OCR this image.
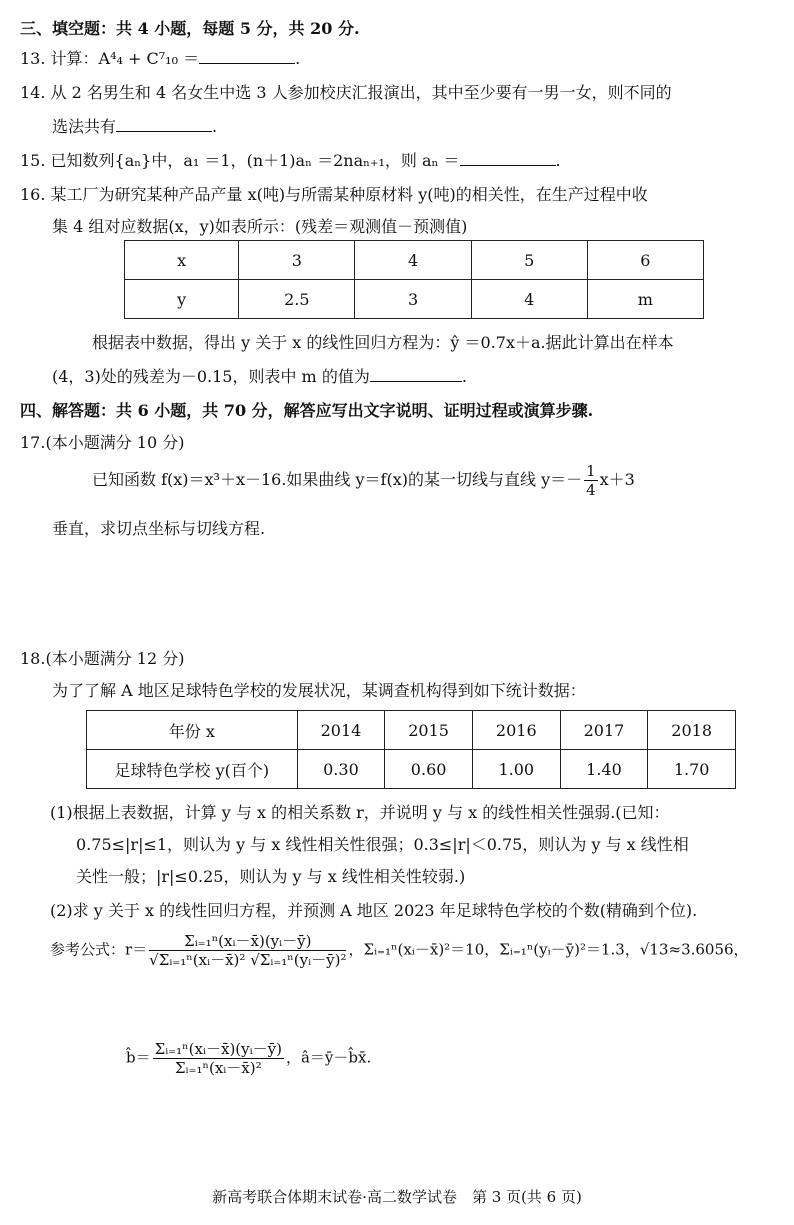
三、填空题：共 4 小题，每题 5 分，共 20 分.
13. 计算：A⁴₄ + C⁷₁₀ ＝	.
14. 从 2 名男生和 4 名女生中选 3 人参加校庆汇报演出，其中至少要有一男一女，则不同的
选法共有	.
15. 已知数列{aₙ}中，a₁ ＝1，(n＋1)aₙ ＝2naₙ₊₁，则 aₙ ＝	.
16. 某工厂为研究某种产品产量 x(吨)与所需某种原材料 y(吨)的相关性，在生产过程中收
集 4 组对应数据(x，y)如表所示：(残差＝观测值－预测值)
x	3	4	5	6
y	2.5	3	4	m
根据表中数据，得出 y 关于 x 的线性回归方程为：ŷ ＝0.7x＋a.据此计算出在样本
(4，3)处的残差为－0.15，则表中 m 的值为	.
四、解答题：共 6 小题，共 70 分，解答应写出文字说明、证明过程或演算步骤.
17.(本小题满分 10 分)
已知函数 f(x)＝x³＋x－16.如果曲线 y＝f(x)的某一切线与直线 $y=- \frac{1}{4} x+3$
垂直，求切点坐标与切线方程.
18.(本小题满分 12 分)
为了了解 A 地区足球特色学校的发展状况，某调查机构得到如下统计数据：
年份 x	2014	2015	2016	2017	2018
足球特色学校 y(百个)	0.30	0.60	1.00	1.40	1.70
(1)根据上表数据，计算 y 与 x 的相关系数 r，并说明 y 与 x 的线性相关性强弱.(已知：
0.75≤|r|≤1，则认为 y 与 x 线性相关性很强；0.3≤|r|＜0.75，则认为 y 与 x 线性相
关性一般；|r|≤0.25，则认为 y 与 x 线性相关性较弱.)
(2)求 y 关于 x 的线性回归方程，并预测 A 地区 2023 年足球特色学校的个数(精确到个位).
参考公式：$r= \frac{\text{Σᵢ₌₁ⁿ(xᵢ－x̄)(yᵢ－ȳ)}}{\text{√Σᵢ₌₁ⁿ(xᵢ－x̄)² √Σᵢ₌₁ⁿ(yᵢ－ȳ)²}}$ ，Σᵢ₌₁ⁿ(xᵢ－x̄)²＝10，Σᵢ₌₁ⁿ(yᵢ－ȳ)²＝1.3，√13≈3.6056，
b̂＝ $\frac{\text{Σᵢ₌₁ⁿ(xᵢ－x̄)(yᵢ－ȳ)}}{\text{Σᵢ₌₁ⁿ(xᵢ－x̄)²}}$ ，â＝ȳ－b̂x̄.
新高考联合体期末试卷·高二数学试卷　第 3 页(共 6 页)
